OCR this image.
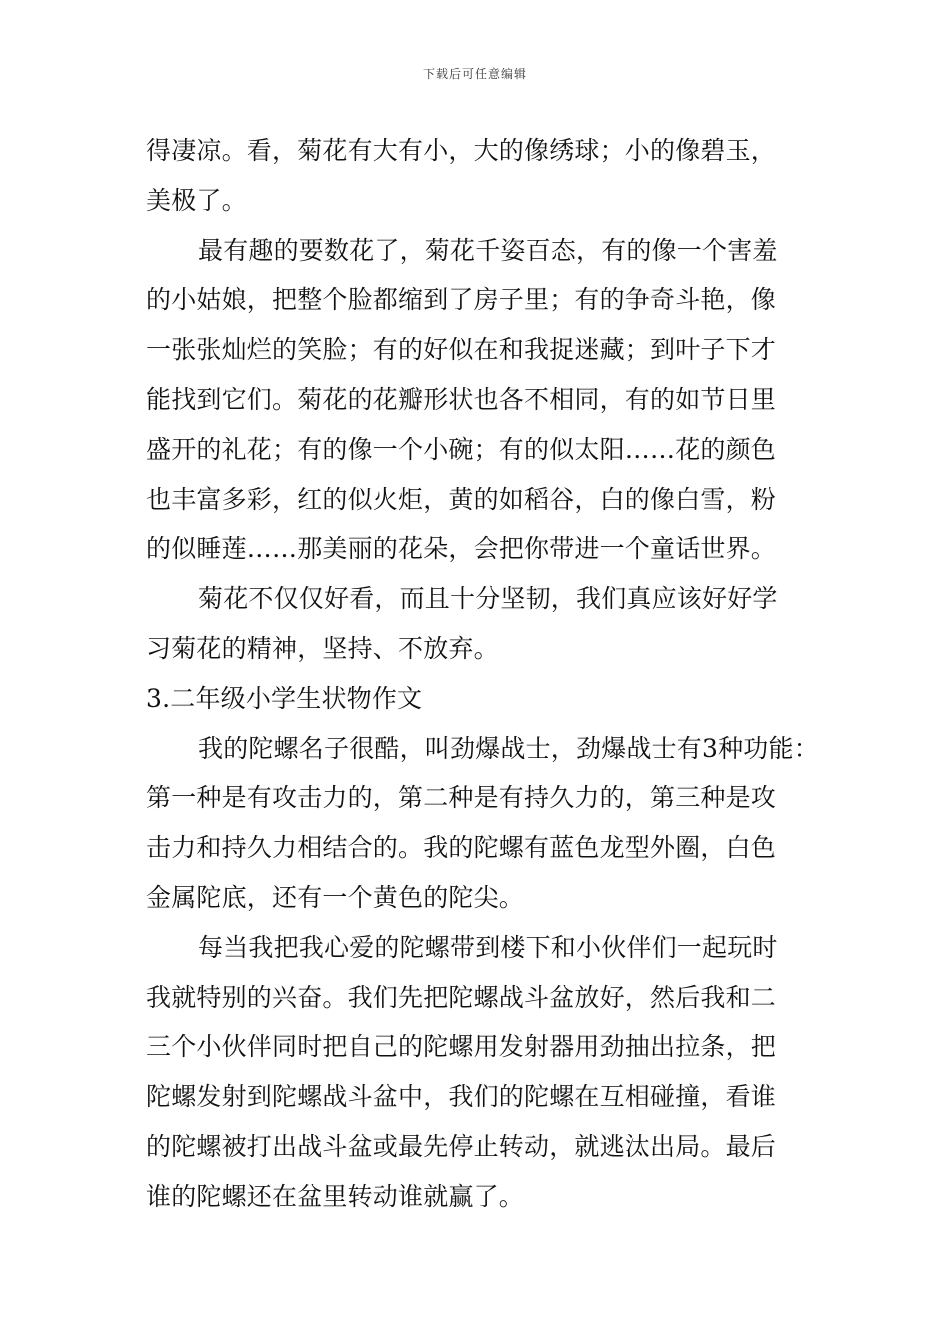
下载后可任意编辑
得凄凉。看，菊花有大有小，大的像绣球；小的像碧玉，
美极了。
最有趣的要数花了，菊花千姿百态，有的像一个害羞
的小姑娘，把整个脸都缩到了房子里；有的争奇斗艳，像
一张张灿烂的笑脸；有的好似在和我捉迷藏；到叶子下才
能找到它们。菊花的花瓣形状也各不相同，有的如节日里
盛开的礼花；有的像一个小碗；有的似太阳……花的颜色
也丰富多彩，红的似火炬，黄的如稻谷，白的像白雪，粉
的似睡莲……那美丽的花朵，会把你带进一个童话世界。
菊花不仅仅好看，而且十分坚韧，我们真应该好好学
习菊花的精神，坚持、不放弃。
3.二年级小学生状物作文
我的陀螺名子很酷，叫劲爆战士，劲爆战士有3种功能：
第一种是有攻击力的，第二种是有持久力的，第三种是攻
击力和持久力相结合的。我的陀螺有蓝色龙型外圈，白色
金属陀底，还有一个黄色的陀尖。
每当我把我心爱的陀螺带到楼下和小伙伴们一起玩时
我就特别的兴奋。我们先把陀螺战斗盆放好，然后我和二
三个小伙伴同时把自己的陀螺用发射器用劲抽出拉条，把
陀螺发射到陀螺战斗盆中，我们的陀螺在互相碰撞，看谁
的陀螺被打出战斗盆或最先停止转动，就逃汰出局。最后
谁的陀螺还在盆里转动谁就赢了。
